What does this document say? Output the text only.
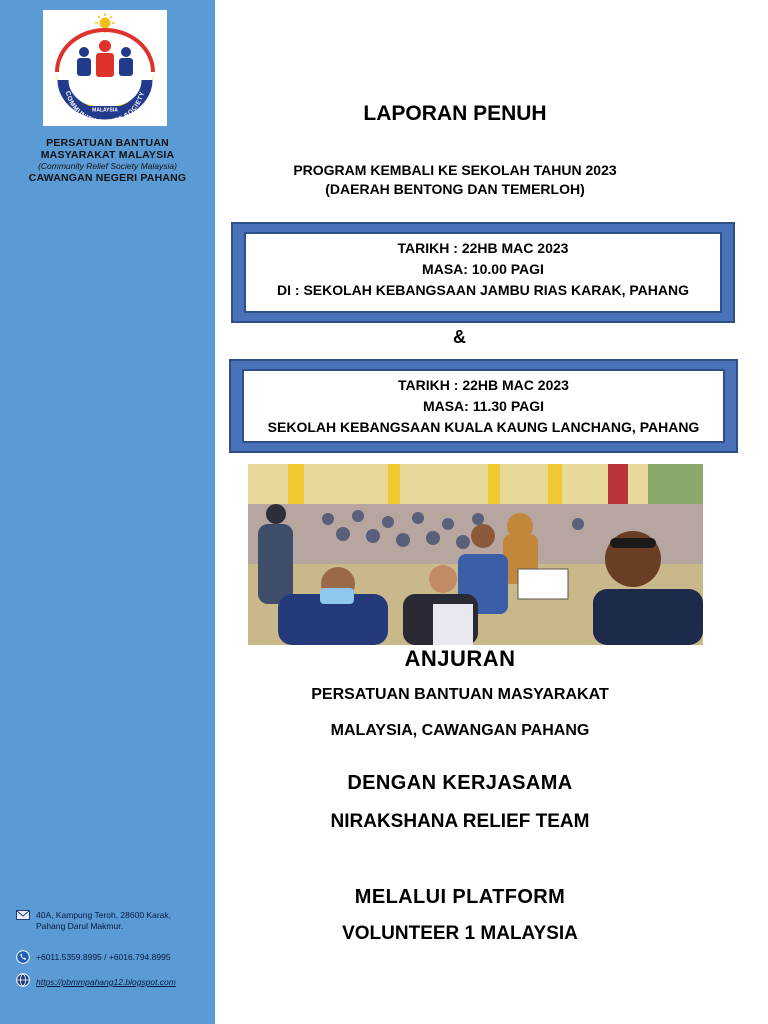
COMMUNITY RELIEF SOCIETY
MALAYSIA
PERSATUAN BANTUAN
MASYARAKAT MALAYSIA
(Community Relief Society Malaysia)
CAWANGAN NEGERI PAHANG
40A, Kampung Teroh, 28600 Karak,
Pahang Darul Makmur.
+6011.5359.8995 / +6016.794.8995
https://pbmmpahang12.blogspot.com
LAPORAN PENUH
PROGRAM KEMBALI KE SEKOLAH TAHUN 2023
(DAERAH BENTONG DAN TEMERLOH)
TARIKH : 22HB MAC 2023
MASA: 10.00 PAGI
DI : SEKOLAH KEBANGSAAN JAMBU RIAS KARAK, PAHANG
&
TARIKH : 22HB MAC 2023
MASA: 11.30 PAGI
SEKOLAH KEBANGSAAN KUALA KAUNG LANCHANG, PAHANG
ANJURAN
PERSATUAN BANTUAN MASYARAKAT
MALAYSIA, CAWANGAN PAHANG
DENGAN KERJASAMA
NIRAKSHANA RELIEF TEAM
MELALUI PLATFORM
VOLUNTEER 1 MALAYSIA
